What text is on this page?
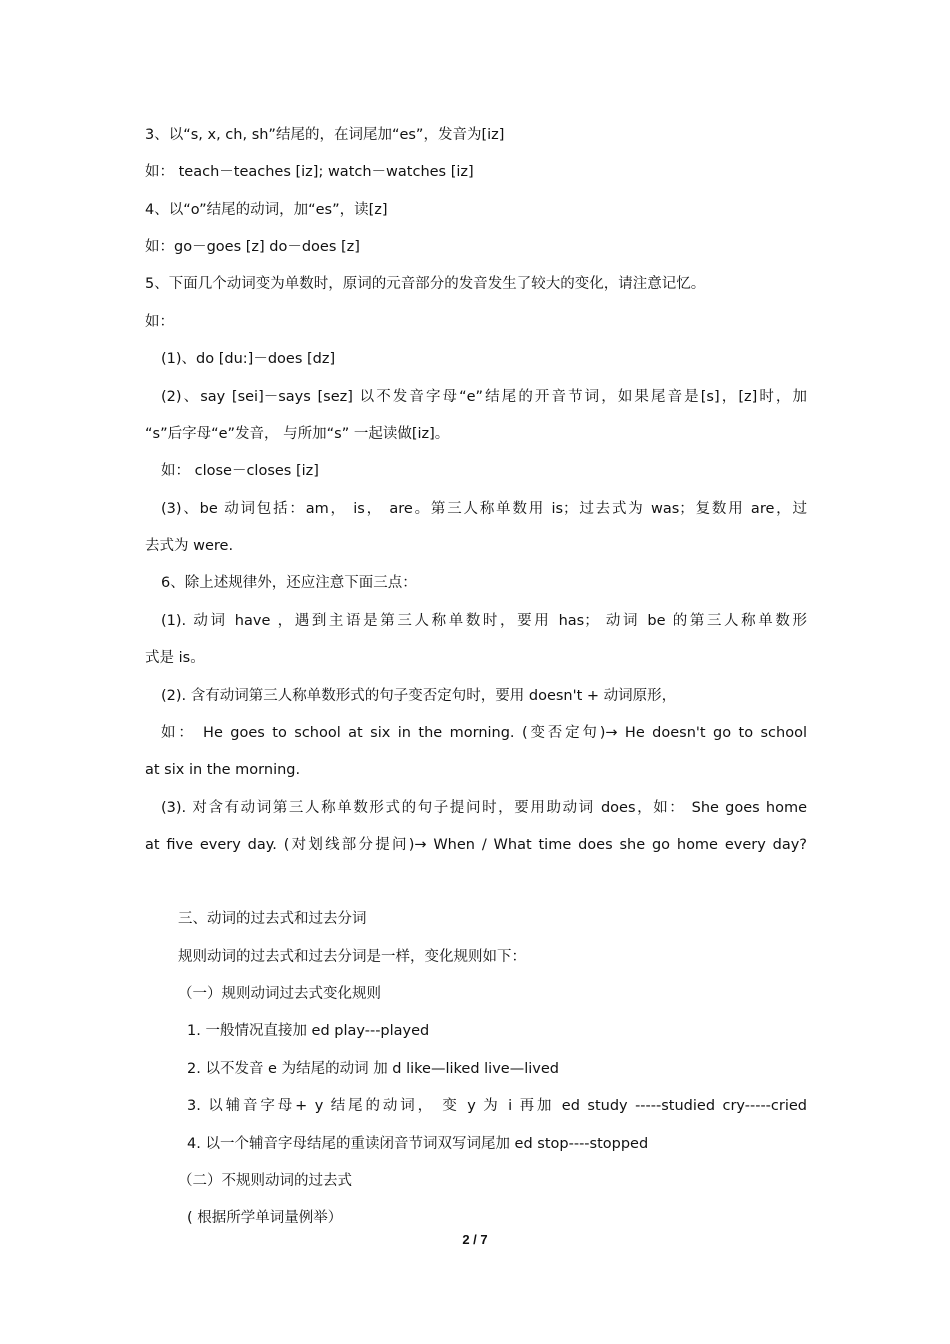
3、以“s, x, ch, sh”结尾的，在词尾加“es”，发音为[iz]
如： teach－teaches [iz]; watch－watches [iz]
4、以“o”结尾的动词，加“es”，读[z]
如：go－goes [z] do－does [z]
5、下面几个动词变为单数时，原词的元音部分的发音发生了较大的变化，请注意记忆。
如：
(1)、do [du:]－does [dz]
(2)、say [sei]－says [sez] 以不发音字母“e”结尾的开音节词，如果尾音是[s]，[z]时，加
“s”后字母“e”发音， 与所加“s” 一起读做[iz]。
如： close－closes [iz]
(3)、be 动词包括：am， is， are。第三人称单数用 is；过去式为 was；复数用 are，过
去式为 were.
6、除上述规律外，还应注意下面三点：
(1). 动词 have ，遇到主语是第三人称单数时，要用 has； 动词 be 的第三人称单数形
式是 is。
(2). 含有动词第三人称单数形式的句子变否定句时，要用 doesn't + 动词原形，
如： He goes to school at six in the morning. (变否定句)→ He doesn't go to school
at six in the morning.
(3). 对含有动词第三人称单数形式的句子提问时，要用助动词 does，如： She goes home
at five every day. (对划线部分提问)→ When / What time does she go home every day?
三、动词的过去式和过去分词
规则动词的过去式和过去分词是一样，变化规则如下：
（一）规则动词过去式变化规则
1. 一般情况直接加 ed play---played
2. 以不发音 e 为结尾的动词 加 d like—liked live—lived
3. 以辅音字母+ y 结尾的动词， 变 y 为 i 再加 ed study -----studied cry-----cried
4. 以一个辅音字母结尾的重读闭音节词双写词尾加 ed stop----stopped
（二）不规则动词的过去式
( 根据所学单词量例举）
2 / 7
